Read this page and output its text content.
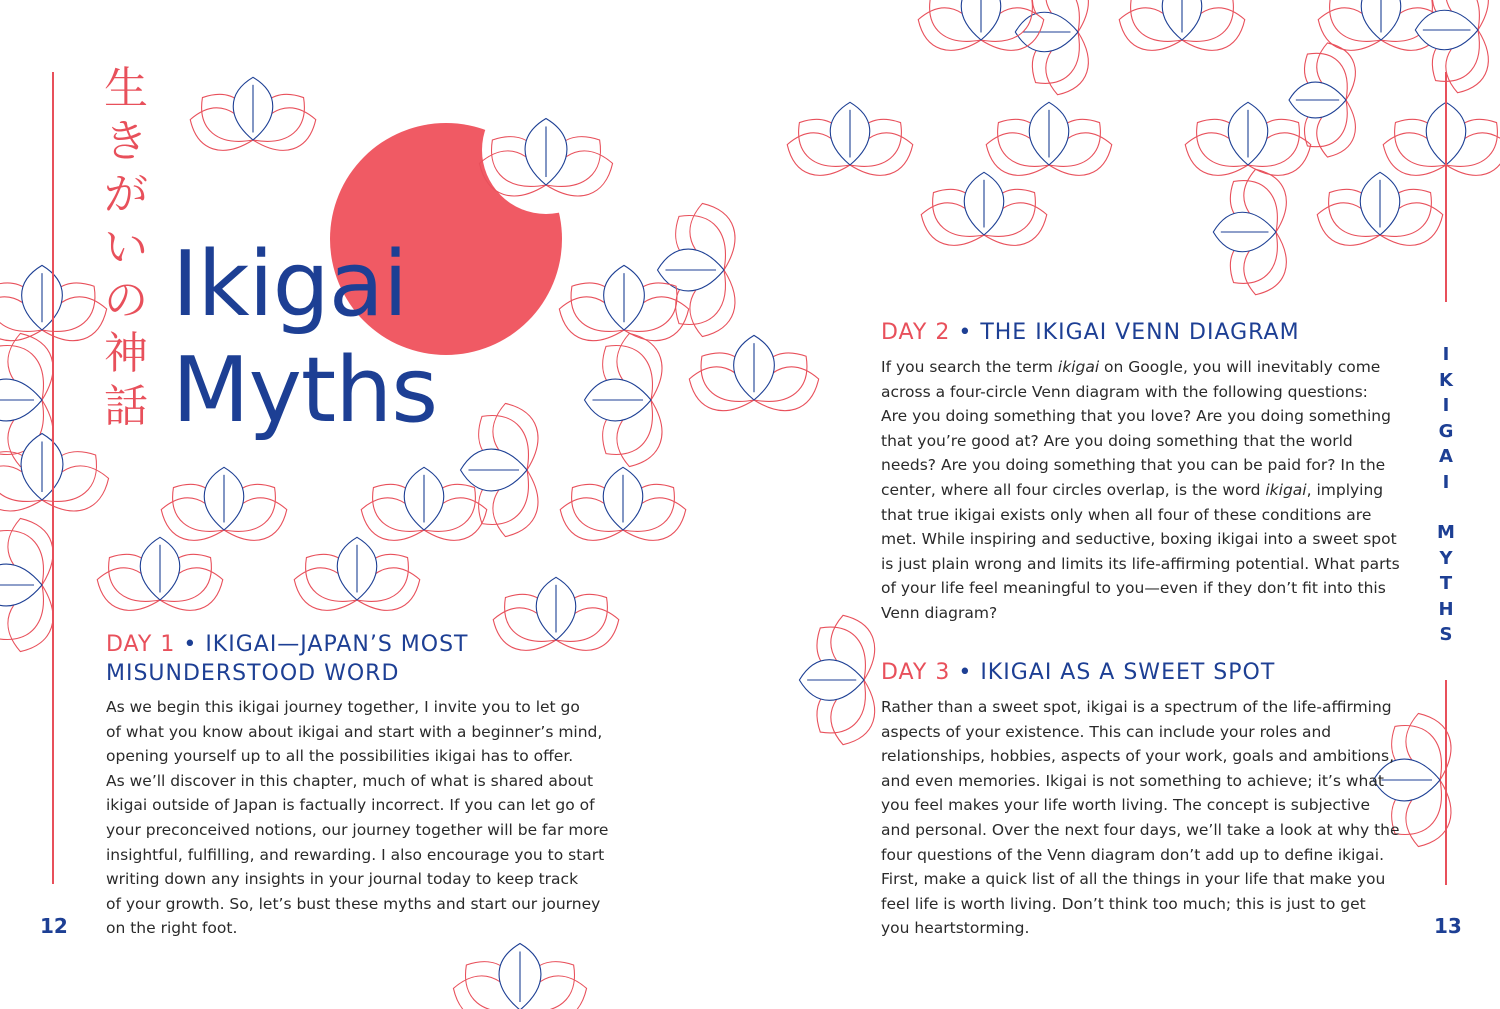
生
き
が
い
の
神
話
Ikigai
Myths
DAY 1 • IKIGAI—JAPAN’S MOST
MISUNDERSTOOD WORD
As we begin this ikigai journey together, I invite you to let go
of what you know about ikigai and start with a beginner’s mind,
opening yourself up to all the possibilities ikigai has to offer.
As we’ll discover in this chapter, much of what is shared about
ikigai outside of Japan is factually incorrect. If you can let go of
your preconceived notions, our journey together will be far more
insightful, fulfilling, and rewarding. I also encourage you to start
writing down any insights in your journal today to keep track
of your growth. So, let’s bust these myths and start our journey
on the right foot.
12
DAY 2 • THE IKIGAI VENN DIAGRAM
If you search the term ikigai on Google, you will inevitably come
across a four-circle Venn diagram with the following questions:
Are you doing something that you love? Are you doing something
that you’re good at? Are you doing something that the world
needs? Are you doing something that you can be paid for? In the
center, where all four circles overlap, is the word ikigai, implying
that true ikigai exists only when all four of these conditions are
met. While inspiring and seductive, boxing ikigai into a sweet spot
is just plain wrong and limits its life-affirming potential. What parts
of your life feel meaningful to you—even if they don’t fit into this
Venn diagram?
DAY 3 • IKIGAI AS A SWEET SPOT
Rather than a sweet spot, ikigai is a spectrum of the life-affirming
aspects of your existence. This can include your roles and
relationships, hobbies, aspects of your work, goals and ambitions,
and even memories. Ikigai is not something to achieve; it’s what
you feel makes your life worth living. The concept is subjective
and personal. Over the next four days, we’ll take a look at why the
four questions of the Venn diagram don’t add up to define ikigai.
First, make a quick list of all the things in your life that make you
feel life is worth living. Don’t think too much; this is just to get
you heartstorming.
I
K
I
G
A
I
M
Y
T
H
S
13
